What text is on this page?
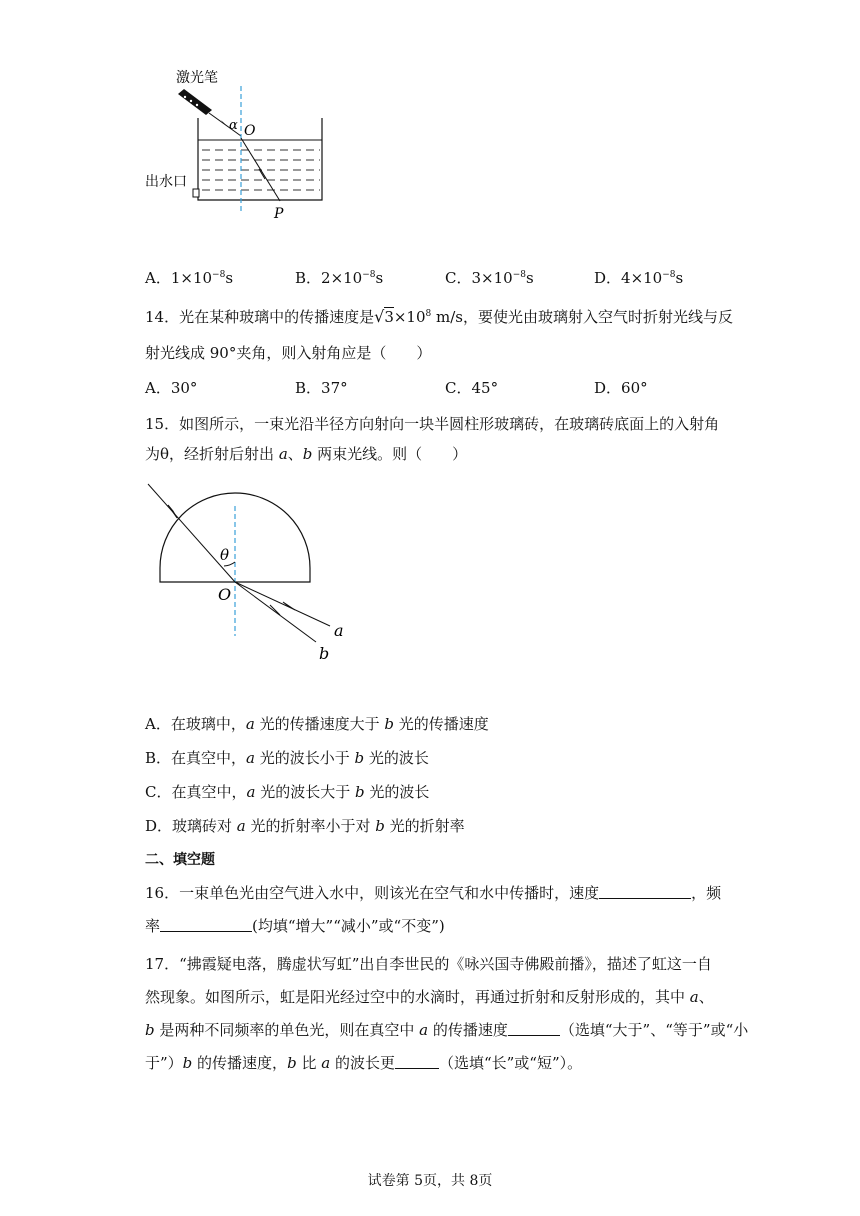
激光笔
α O
P
出水口
A．$1\times 10^{-8}s$	B．$2\times 10^{-8}s$	C．$3\times 10^{-8}s$	D．$4\times 10^{-8}s$
14．光在某种玻璃中的传播速度是$√3\times 10^8$ m/s，要使光由玻璃射入空气时折射光线与反
射光线成 90°夹角，则入射角应是（　　）
A．30°	B．37°	C．45°	D．60°
15．如图所示，一束光沿半径方向射向一块半圆柱形玻璃砖，在玻璃砖底面上的入射角
为θ，经折射后射出 a、b 两束光线。则（　　）
θ
O
a
b
A．在玻璃中，a 光的传播速度大于 b 光的传播速度
B．在真空中，a 光的波长小于 b 光的波长
C．在真空中，a 光的波长大于 b 光的波长
D．玻璃砖对 a 光的折射率小于对 b 光的折射率
二、填空题
16．一束单色光由空气进入水中，则该光在空气和水中传播时，速度	，频
率	(均填“增大”“减小”或“不变”)
17．“拂霞疑电落，腾虚状写虹”出自李世民的《咏兴国寺佛殿前播》，描述了虹这一自
然现象。如图所示，虹是阳光经过空中的水滴时，再通过折射和反射形成的，其中 a、
b 是两种不同频率的单色光，则在真空中 a 的传播速度	（选填“大于”、“等于”或“小
于”）b 的传播速度，b 比 a 的波长更	（选填“长”或“短”）。
试卷第 5页，共 8页
